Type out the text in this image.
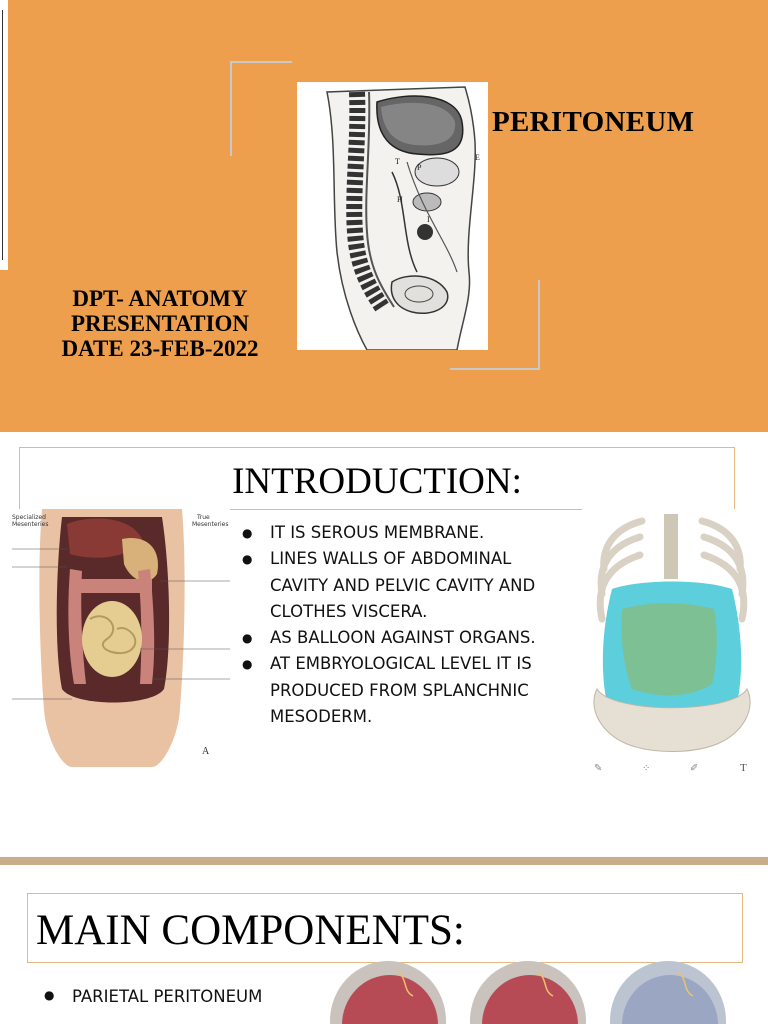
T
P
H
I
E
PERITONEUM
DPT- ANATOMY
PRESENTATION
DATE 23-FEB-2022
INTRODUCTION:
Specialized
Mesenteries
True
Mesenteries
A
● IT IS SEROUS MEMBRANE.
● LINES WALLS OF ABDOMINAL CAVITY AND PELVIC CAVITY AND CLOTHES VISCERA.
● AS BALLOON AGAINST ORGANS.
● AT EMBRYOLOGICAL LEVEL IT IS PRODUCED FROM SPLANCHNIC MESODERM.
✎	⁘	✐	T
MAIN COMPONENTS:
● PARIETAL PERITONEUM
